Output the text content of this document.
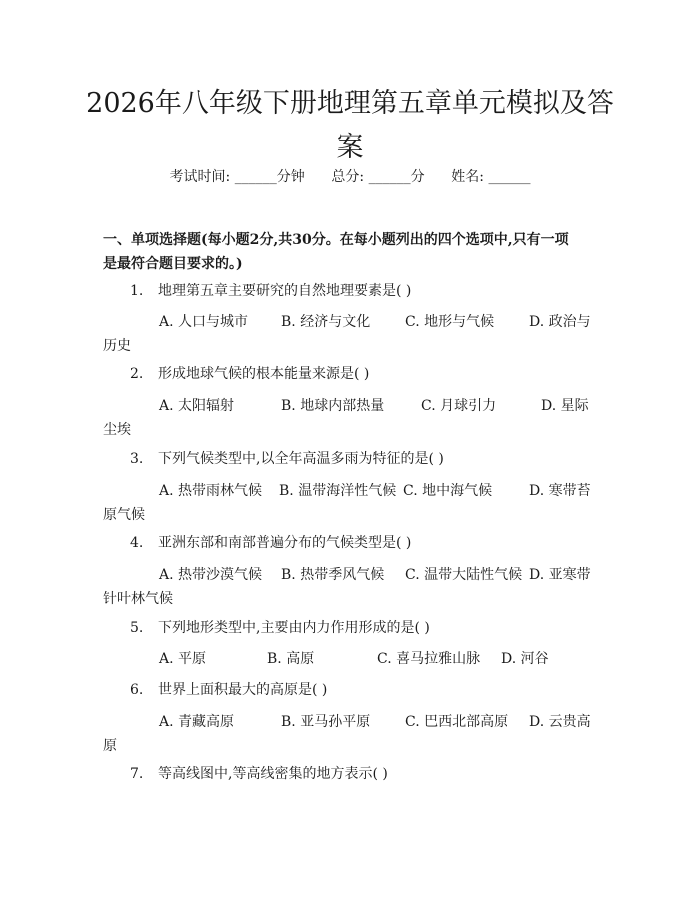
2026年八年级下册地理第五章单元模拟及答
案
考试时间: ______分钟 总分: ______分 姓名: ______
一、单项选择题(每小题2分,共30分。在每小题列出的四个选项中,只有一项
是最符合题目要求的。)
1. 地理第五章主要研究的自然地理要素是( )
A. 人口与城市 B. 经济与文化 C. 地形与气候 D. 政治与
历史
2. 形成地球气候的根本能量来源是( )
A. 太阳辐射	B. 地球内部热量	C. 月球引力	D. 星际
尘埃
3. 下列气候类型中,以全年高温多雨为特征的是( )
A. 热带雨林气候 B. 温带海洋性气候 C. 地中海气候	D. 寒带苔
原气候
4. 亚洲东部和南部普遍分布的气候类型是( )
A. 热带沙漠气候 B. 热带季风气候 C. 温带大陆性气候 D. 亚寒带
针叶林气候
5. 下列地形类型中,主要由内力作用形成的是( )
A. 平原	B. 高原	C. 喜马拉雅山脉 D. 河谷
6. 世界上面积最大的高原是( )
A. 青藏高原	B. 亚马孙平原 C. 巴西北部高原 D. 云贵高
原
7. 等高线图中,等高线密集的地方表示( )
